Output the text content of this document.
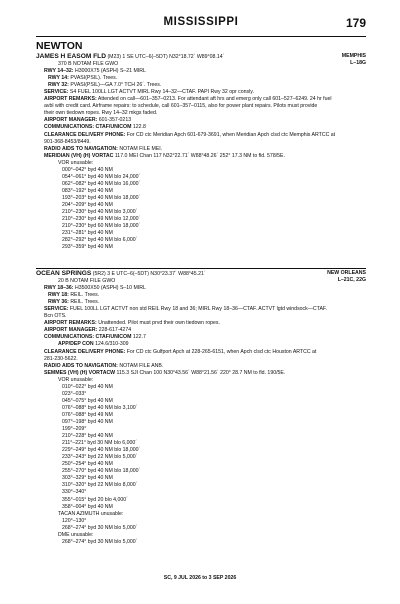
MISSISSIPPI	179
NEWTON
MEMPHIS
L–18G

JAMES H EASOM FLD (M23) 1 SE UTC–6(–5DT) N32°18.72´ W89°08.14´

370 B NOTAM FILE GWO

RWY 14–32: H3000X75 (ASPH) S–21 MIRL

RWY 14: PVASI(PSIL). Trees.

RWY 32: PVASI(PSIL)—GA 7.0° TCH 26´. Trees.

SERVICE: S4 FUEL 100LL LGT ACTVT MIRL Rwy 14–32—CTAF. PAPI Rwy 32 opr consly.

AIRPORT REMARKS: Attended on call—601–357–0213. For attendant aft hrs and emerg only call 601–527–6249. 24 hr fuel

avbl with credit card. Airframe repairs: to schedule, call 601–357–0115, also for power plant repairs. Pilots must provide

their own tiedown ropes. Rwy 14–32 mkgs faded.

AIRPORT MANAGER: 601-357-0213

COMMUNICATIONS: CTAF/UNICOM 122.8

CLEARANCE DELIVERY PHONE: For CD ctc Meridian Apch 601-679-3691, when Meridian Apch clsd ctc Memphis ARTCC at

901-368-8453/8449.

RADIO AIDS TO NAVIGATION: NOTAM FILE MEI.

MERIDIAN (VH) (H) VORTAC 117.0 MEI Chan 117 N32°22.71´ W88°48.26´ 252° 17.3 NM to fld. 578/5E.

VOR unusable:

000°–042° byd 40 NM

054°–061° byd 40 NM blo 24,000´

062°–082° byd 40 NM blo 16,000´

083°–192° byd 40 NM

193°–203° byd 40 NM blo 18,000´

204°–209° byd 40 NM

210°–230° byd 40 NM blo 3,000´

210°–230° byd 49 NM blo 12,000´

210°–230° byd 60 NM blo 18,000´

231°–281° byd 40 NM

282°–292° byd 40 NM blo 6,000´

293°–359° byd 40 NM

NEW ORLEANS
L–21C, 22G

OCEAN SPRINGS (5R2) 3 E UTC–6(–5DT) N30°23.37´ W88°45.21´

20 B NOTAM FILE GWO

RWY 18–36: H3500X50 (ASPH) S–10 MIRL

RWY 18: REIL. Trees.

RWY 36: REIL. Trees.

SERVICE: FUEL 100LL LGT ACTVT non std REIL Rwy 18 and 36; MIRL Rwy 18–36—CTAF. ACTVT lgtd windsock—CTAF.

Bcn OTS.

AIRPORT REMARKS: Unattended. Pilot must prvd their own tiedown ropes.

AIRPORT MANAGER: 228-617-4274

COMMUNICATIONS: CTAF/UNICOM 122.7

APP/DEP CON 124.6/310-309

CLEARANCE DELIVERY PHONE: For CD ctc Gulfport Apch at 228-265-6151, when Apch clsd ctc Houston ARTCC at

281-230-5622.

RADIO AIDS TO NAVIGATION: NOTAM FILE ANB.

SEMMES (VH) (H) VORTACW 115.3 SJI Chan 100 N30°43.56´ W88°21.56´ 220° 28.7 NM to fld. 190/5E.

VOR unusable:

010°–022° byd 40 NM

023°–033°

045°–075° byd 40 NM

076°–088° byd 40 NM blo 3,100´

076°–088° byd 49 NM

097°–198° byd 40 NM

199°–209°

210°–228° byd 40 NM

211°–221° byd 30 NM blo 6,000´

229°–249° byd 40 NM blo 18,000´

233°–243° byd 22 NM blo 5,000´

250°–254° byd 40 NM

255°–270° byd 40 NM blo 18,000´

303°–329° byd 40 NM

310°–320° byd 22 NM blo 8,000´

330°–340°

355°–015° byd 20 blo 4,000´

358°–004° byd 40 NM

TACAN AZIMUTH unusable:

120°–130°

268°–274° byd 30 NM blo 5,000´

DME unusable:

268°–274° byd 30 NM blo 5,000´

SC, 9 JUL 2026 to 3 SEP 2026
